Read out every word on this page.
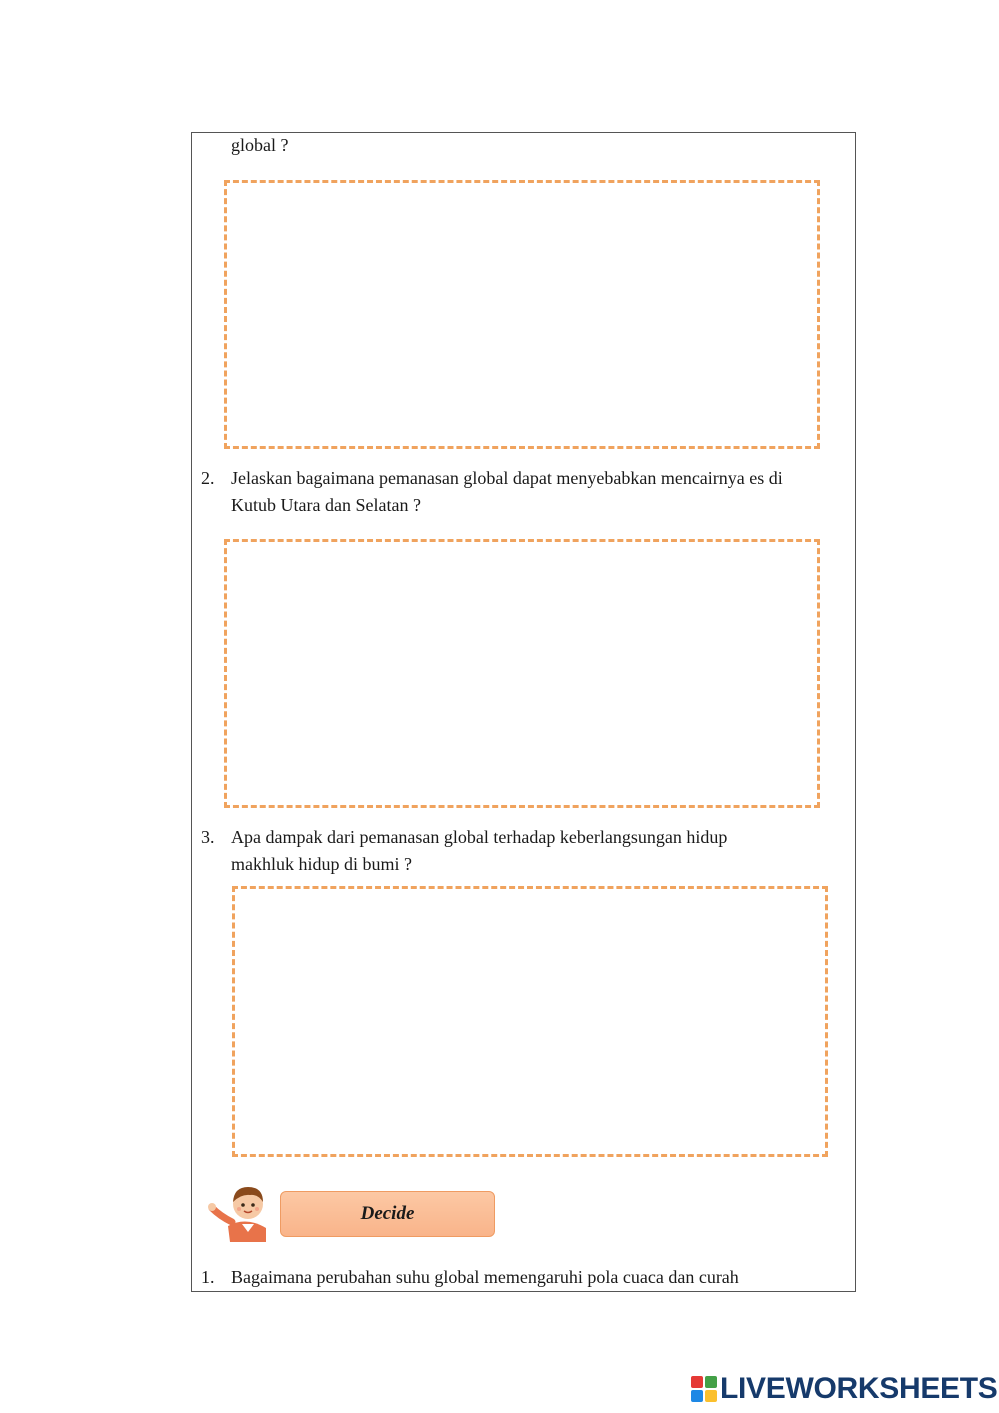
global ?
2. Jelaskan bagaimana pemanasan global dapat menyebabkan mencairnya es di
Kutub Utara dan Selatan ?
3. Apa dampak dari pemanasan global terhadap keberlangsungan hidup
makhluk hidup di bumi ?
Decide
1. Bagaimana perubahan suhu global memengaruhi pola cuaca dan curah
LIVEWORKSHEETS
